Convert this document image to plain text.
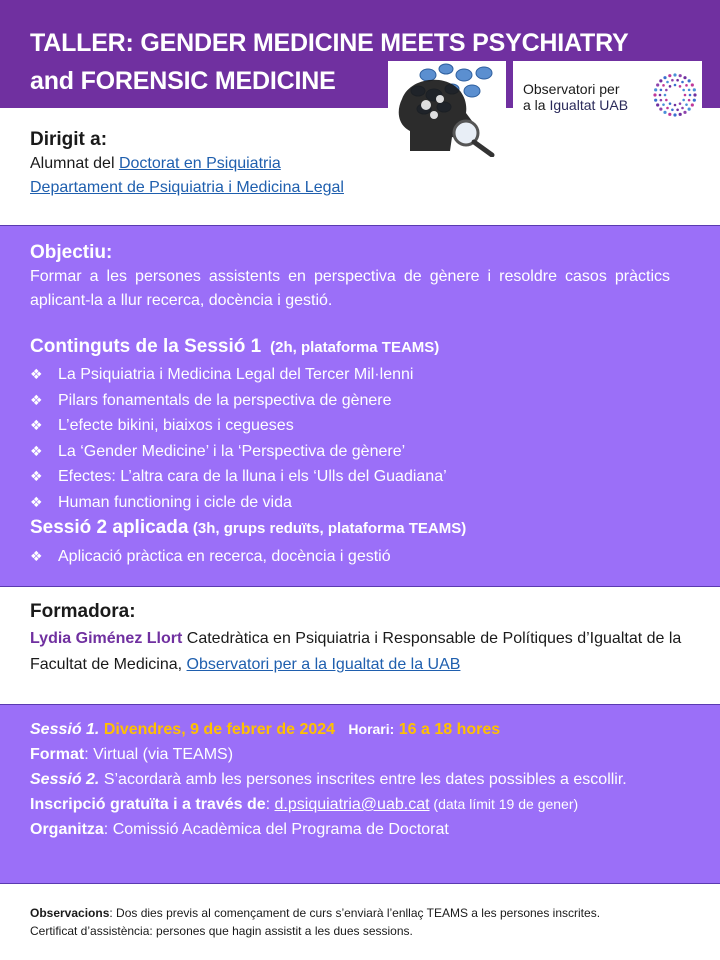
TALLER: GENDER MEDICINE MEETS PSYCHIATRY
and FORENSIC MEDICINE	Observatori per
a la Igualtat UAB
Dirigit a:
Alumnat del Doctorat en Psiquiatria
Departament de Psiquiatria i Medicina Legal
Objectiu:
Formar a les persones assistents en perspectiva de gènere i resoldre casos pràctics aplicant-la a llur recerca, docència i gestió.
Continguts de la Sessió 1 (2h, plataforma TEAMS)
❖ La Psiquiatria i Medicina Legal del Tercer Mil·lenni
❖ Pilars fonamentals de la perspectiva de gènere
❖ L’efecte bikini, biaixos i cegueses
❖ La ‘Gender Medicine’ i la ‘Perspectiva de gènere’
❖ Efectes: L’altra cara de la lluna i els ‘Ulls del Guadiana’
❖ Human functioning i cicle de vida
Sessió 2 aplicada (3h, grups reduïts, plataforma TEAMS)
❖ Aplicació pràctica en recerca, docència i gestió
Formadora:
Lydia Giménez Llort Catedràtica en Psiquiatria i Responsable de Polítiques d’Igualtat de la Facultat de Medicina, Observatori per a la Igualtat de la UAB
Sessió 1. Divendres, 9 de febrer de 2024 Horari: 16 a 18 hores
Format: Virtual (via TEAMS)
Sessió 2. S’acordarà amb les persones inscrites entre les dates possibles a escollir.
Inscripció gratuïta i a través de: d.psiquiatria@uab.cat (data límit 19 de gener)
Organitza: Comissió Acadèmica del Programa de Doctorat
Observacions: Dos dies previs al començament de curs s’enviarà l’enllaç TEAMS a les persones inscrites.
Certificat d’assistència: persones que hagin assistit a les dues sessions.
